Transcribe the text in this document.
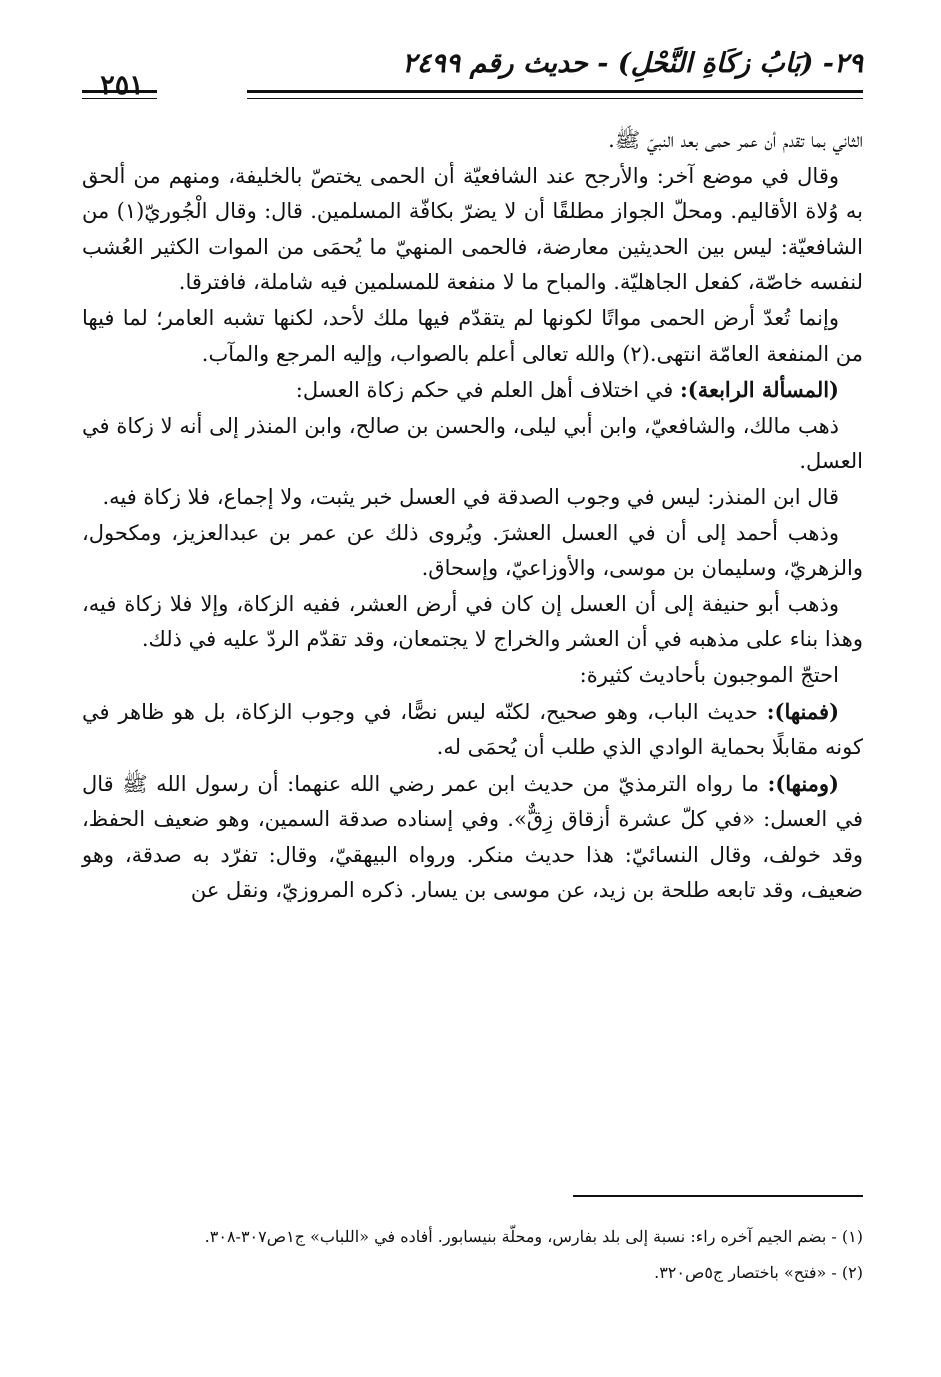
٢٩- (بَابُ زكَاةِ النَّحْلِ) - حديث رقم ٢٤٩٩
٢٥١

الثاني بما تقدم أن عمر حمى بعد النبيّ ﷺ.

وقال في موضع آخر: والأرجح عند الشافعيّة أن الحمى يختصّ بالخليفة، ومنهم من ألحق به وُلاة الأقاليم. ومحلّ الجواز مطلقًا أن لا يضرّ بكافّة المسلمين. قال: وقال الْجُوريّ(١) من الشافعيّة: ليس بين الحديثين معارضة، فالحمى المنهيّ ما يُحمَى من الموات الكثير العُشب لنفسه خاصّة، كفعل الجاهليّة. والمباح ما لا منفعة للمسلمين فيه شاملة، فافترقا.

وإنما تُعدّ أرض الحمى مواتًا لكونها لم يتقدّم فيها ملك لأحد، لكنها تشبه العامر؛ لما فيها من المنفعة العامّة انتهى.(٢) والله تعالى أعلم بالصواب، وإليه المرجع والمآب.

(المسألة الرابعة): في اختلاف أهل العلم في حكم زكاة العسل:

ذهب مالك، والشافعيّ، وابن أبي ليلى، والحسن بن صالح، وابن المنذر إلى أنه لا زكاة في العسل.

قال ابن المنذر: ليس في وجوب الصدقة في العسل خبر يثبت، ولا إجماع، فلا زكاة فيه.

وذهب أحمد إلى أن في العسل العشرَ. ويُروى ذلك عن عمر بن عبدالعزيز، ومكحول، والزهريّ، وسليمان بن موسى، والأوزاعيّ، وإسحاق.

وذهب أبو حنيفة إلى أن العسل إن كان في أرض العشر، ففيه الزكاة، وإلا فلا زكاة فيه، وهذا بناء على مذهبه في أن العشر والخراج لا يجتمعان، وقد تقدّم الردّ عليه في ذلك.

احتجّ الموجبون بأحاديث كثيرة:

(فمنها): حديث الباب، وهو صحيح، لكنّه ليس نصًّا، في وجوب الزكاة، بل هو ظاهر في كونه مقابلًا بحماية الوادي الذي طلب أن يُحمَى له.

(ومنها): ما رواه الترمذيّ من حديث ابن عمر رضي الله عنهما: أن رسول الله ﷺ قال في العسل: «في كلّ عشرة أزقاق زِقٌّ». وفي إسناده صدقة السمين، وهو ضعيف الحفظ، وقد خولف، وقال النسائيّ: هذا حديث منكر. ورواه البيهقيّ، وقال: تفرّد به صدقة، وهو ضعيف، وقد تابعه طلحة بن زيد، عن موسى بن يسار. ذكره المروزيّ، ونقل عن

(١) - بضم الجيم آخره راء: نسبة إلى بلد بفارس، ومحلّة بنيسابور. أفاده في «اللباب» ج١ص٣٠٧-٣٠٨.

(٢) - «فتح» باختصار ج٥ص٣٢٠.
